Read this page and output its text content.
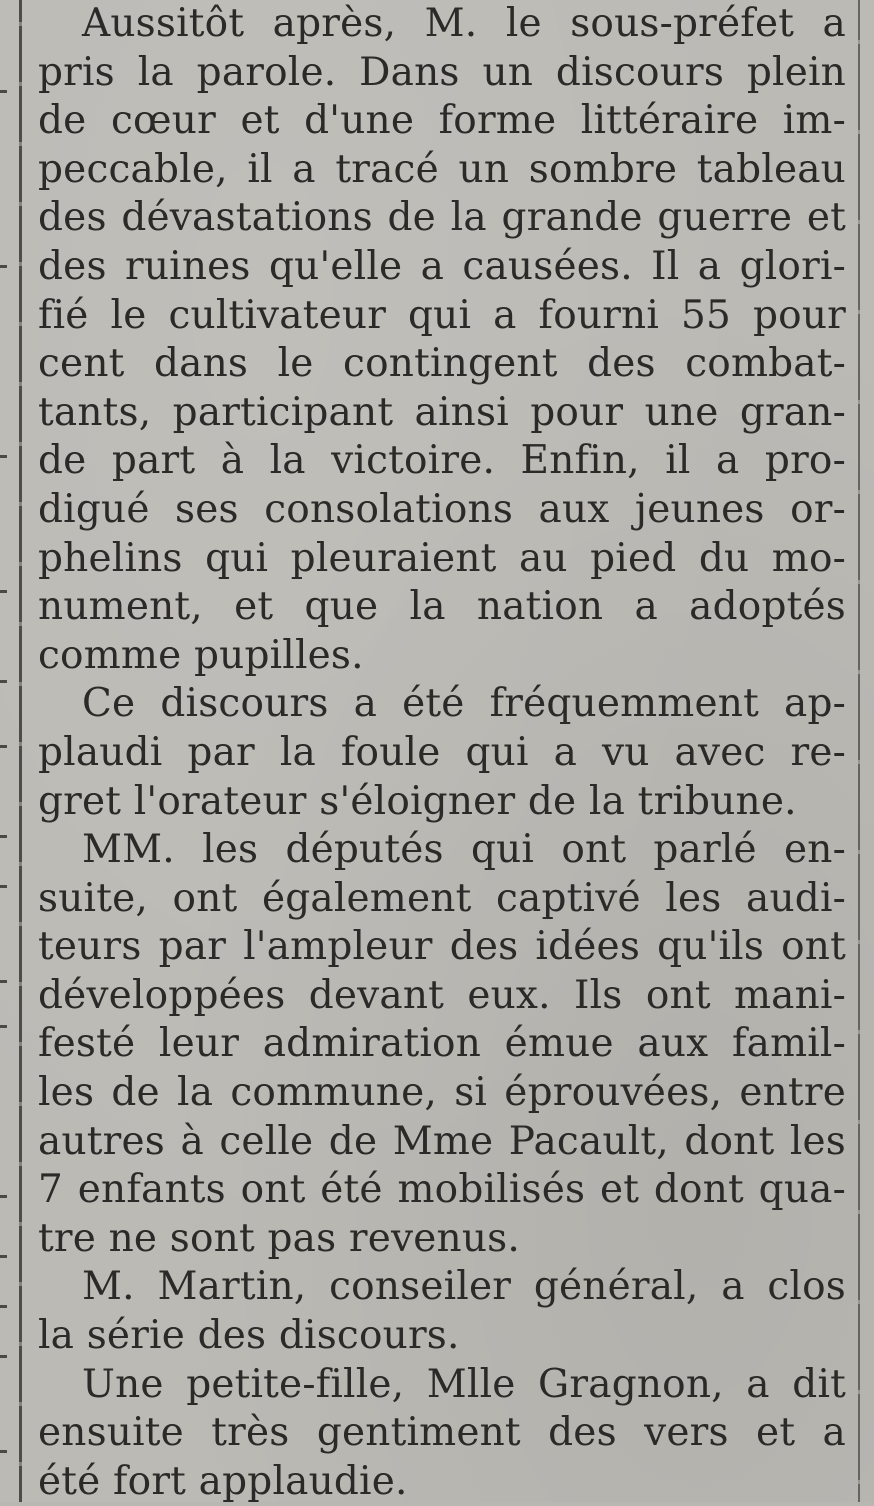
Aussitôt après, M. le sous-préfet a
pris la parole. Dans un discours plein
de cœur et d'une forme littéraire im-
peccable, il a tracé un sombre tableau
des dévastations de la grande guerre et
des ruines qu'elle a causées. Il a glori-
fié le cultivateur qui a fourni 55 pour
cent dans le contingent des combat-
tants, participant ainsi pour une gran-
de part à la victoire. Enfin, il a pro-
digué ses consolations aux jeunes or-
phelins qui pleuraient au pied du mo-
nument, et que la nation a adoptés
comme pupilles.
Ce discours a été fréquemment ap-
plaudi par la foule qui a vu avec re-
gret l'orateur s'éloigner de la tribune.
MM. les députés qui ont parlé en-
suite, ont également captivé les audi-
teurs par l'ampleur des idées qu'ils ont
développées devant eux. Ils ont mani-
festé leur admiration émue aux famil-
les de la commune, si éprouvées, entre
autres à celle de Mme Pacault, dont les
7 enfants ont été mobilisés et dont qua-
tre ne sont pas revenus.
M. Martin, conseiler général, a clos
la série des discours.
Une petite-fille, Mlle Gragnon, a dit
ensuite très gentiment des vers et a
été fort applaudie.
